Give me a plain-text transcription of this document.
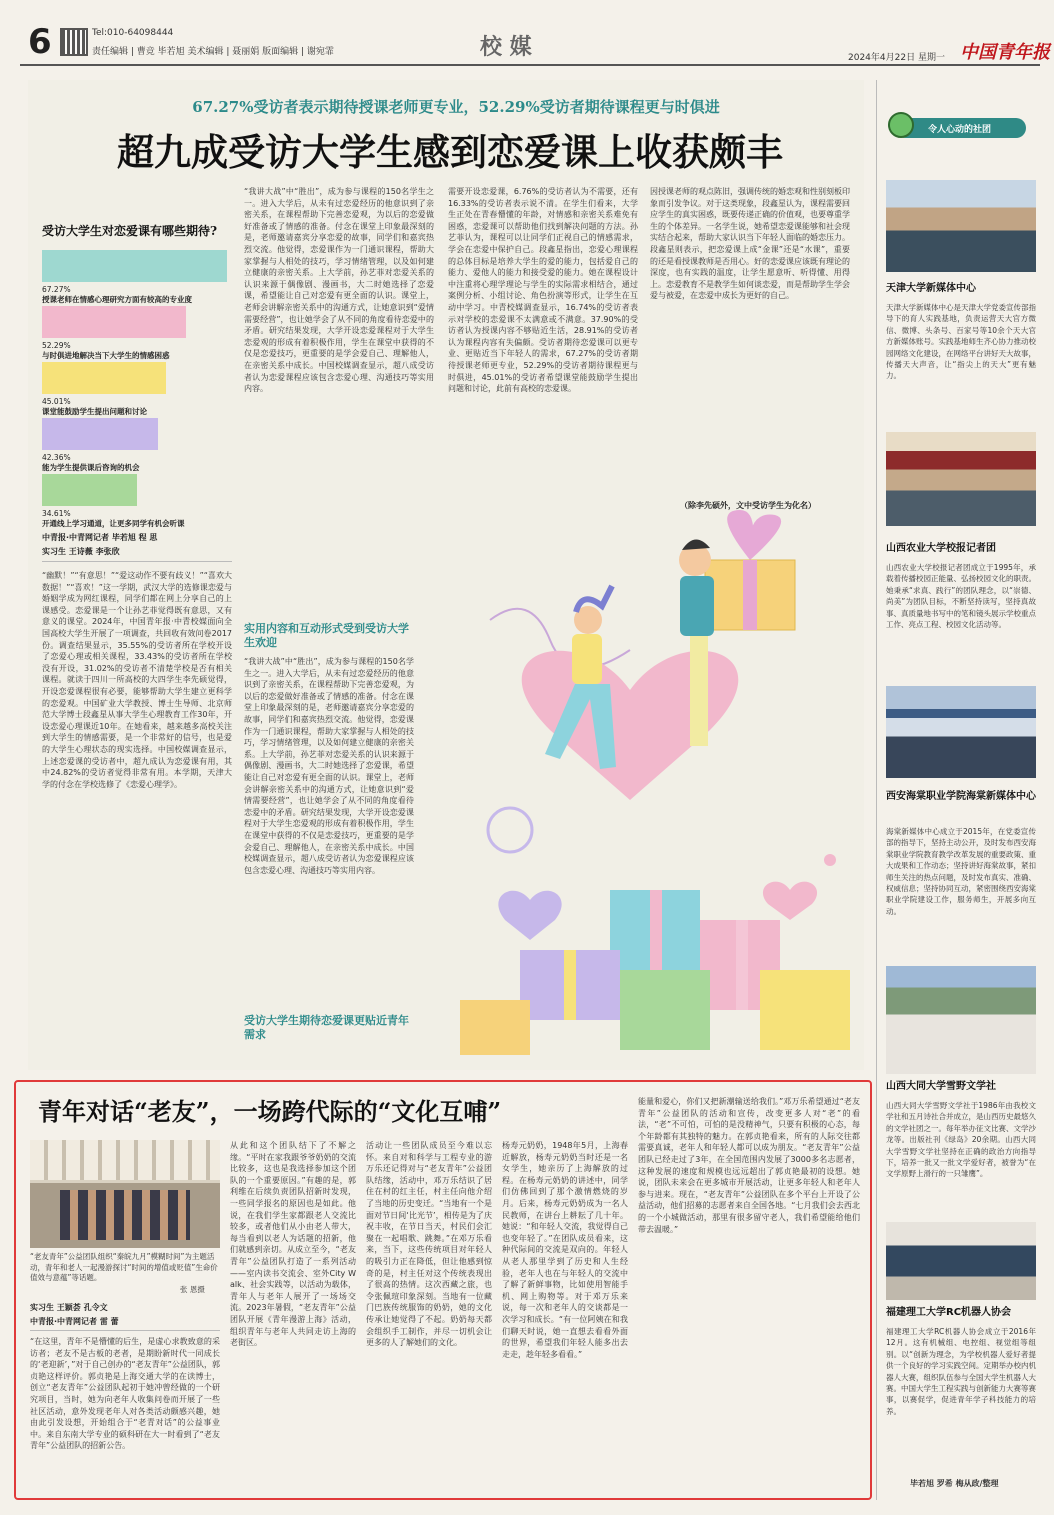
6	Tel:010-64098444
责任编辑 | 曹竞 毕若旭 美术编辑 | 聂丽娟 版面编辑 | 谢宛霏	校 媒	2024年4月22日 星期一 中国青年报
67.27%受访者表示期待授课老师更专业，52.29%受访者期待课程更与时俱进
超九成受访大学生感到恋爱课上收获颇丰
受访大学生对恋爱课有哪些期待?
67.27%
授课老师在情感心理研究方面有较高的专业度
52.29%
与时俱进地解决当下大学生的情感困惑
45.01%
课堂能鼓励学生提出问题和讨论
42.36%
能为学生提供课后咨询的机会
34.61%
开通线上学习通道，让更多同学有机会听课
中青报·中青网记者 毕若旭 程 思
实习生 王诗薇 李张欣
“幽默！”“有意思！”“爱这动作不要有歧义！”“喜欢大数据！”“喜欢！”这一学期，武汉大学的选修课恋爱与婚姻学成为网红课程，同学们都在网上分享自己的上课感受。恋爱课是一个让孙艺菲觉得既有意思，又有意义的课堂。2024年，中国青年报·中青校媒面向全国高校大学生开展了一项调查，共回收有效问卷2017份。调查结果显示，35.55%的受访者所在学校开设了恋爱心理或相关课程，33.43%的受访者所在学校没有开设，31.02%的受访者不清楚学校是否有相关课程。就读于四川一所高校的大四学生李先硕觉得，开设恋爱课程很有必要，能够帮助大学生建立更科学的恋爱观。中国矿业大学教授、博士生导师、北京师范大学博士段鑫星从事大学生心理教育工作30年，开设恋爱心理课近10年。在她看来，越来越多高校关注到大学生的情感需要，是一个非常好的信号，也是爱的大学生心理状态的现实选择。中国校媒调查显示，上述恋爱课的受访者中，超九成认为恋爱课有用，其中24.82%的受访者觉得非常有用。本学期，天津大学的付念在学校选修了《恋爱心理学》。
“我讲大战”中“胜出”，成为参与课程的150名学生之一。进入大学后，从未有过恋爱经历的他意识到了亲密关系，在课程帮助下完善恋爱观，为以后的恋爱做好准备或了情感的准备。付念在课堂上印象最深刻的是，老师邀请嘉宾分享恋爱的故事，同学们和嘉宾热烈交流。他觉得，恋爱课作为一门通识课程，帮助大家掌握与人相处的技巧，学习情绪管理，以及如何建立健康的亲密关系。上大学前，孙艺菲对恋爱关系的认识来源于偶像剧、漫画书，大二时她选择了恋爱课，希望能让自己对恋爱有更全面的认识。课堂上，老师会讲解亲密关系中的沟通方式，让她意识到“爱情需要经营”，也让她学会了从不同的角度看待恋爱中的矛盾。研究结果发现，大学开设恋爱课程对于大学生恋爱观的形成有着积极作用，学生在课堂中获得的不仅是恋爱技巧，更重要的是学会爱自己、理解他人，在亲密关系中成长。中国校媒调查显示，超八成受访者认为恋爱课程应该包含恋爱心理、沟通技巧等实用内容。
实用内容和互动形式受到受访大学生欢迎
“我讲大战”中“胜出”，成为参与课程的150名学生之一。进入大学后，从未有过恋爱经历的他意识到了亲密关系，在课程帮助下完善恋爱观，为以后的恋爱做好准备或了情感的准备。付念在课堂上印象最深刻的是，老师邀请嘉宾分享恋爱的故事，同学们和嘉宾热烈交流。他觉得，恋爱课作为一门通识课程，帮助大家掌握与人相处的技巧，学习情绪管理，以及如何建立健康的亲密关系。上大学前，孙艺菲对恋爱关系的认识来源于偶像剧、漫画书，大二时她选择了恋爱课，希望能让自己对恋爱有更全面的认识。课堂上，老师会讲解亲密关系中的沟通方式，让她意识到“爱情需要经营”，也让她学会了从不同的角度看待恋爱中的矛盾。研究结果发现，大学开设恋爱课程对于大学生恋爱观的形成有着积极作用，学生在课堂中获得的不仅是恋爱技巧，更重要的是学会爱自己、理解他人，在亲密关系中成长。中国校媒调查显示，超八成受访者认为恋爱课程应该包含恋爱心理、沟通技巧等实用内容。
受访大学生期待恋爱课更贴近青年需求
需要开设恋爱课，6.76%的受访者认为不需要，还有16.33%的受访者表示说不清。在学生们看来，大学生正处在青春懵懂的年龄，对情感和亲密关系难免有困惑，恋爱课可以帮助他们找到解决问题的方法。孙艺菲认为，课程可以让同学们正视自己的情感需求，学会在恋爱中保护自己。段鑫星指出，恋爱心理课程的总体目标是培养大学生的爱的能力，包括爱自己的能力、爱他人的能力和接受爱的能力。她在课程设计中注重将心理学理论与学生的实际需求相结合，通过案例分析、小组讨论、角色扮演等形式，让学生在互动中学习。中青校媒调查显示，16.74%的受访者表示对学校的恋爱课不太满意或不满意。37.90%的受访者认为授课内容不够贴近生活，28.91%的受访者认为课程内容有失偏颇。受访者期待恋爱课可以更专业、更贴近当下年轻人的需求，67.27%的受访者期待授课老师更专业，52.29%的受访者期待课程更与时俱进，45.01%的受访者希望课堂能鼓励学生提出问题和讨论，此前有高校的恋爱课。
因授课老师的观点陈旧，强调传统的婚恋观和性别刻板印象而引发争议。对于这类现象，段鑫星认为，课程需要回应学生的真实困惑，既要传递正确的价值观，也要尊重学生的个体差异。一名学生说，她希望恋爱课能够和社会现实结合起来，帮助大家认识当下年轻人面临的婚恋压力。段鑫星则表示，把恋爱课上成“金课”还是“水课”，重要的还是看授课教师是否用心。好的恋爱课应该既有理论的深度，也有实践的温度，让学生愿意听、听得懂、用得上。恋爱教育不是教学生如何谈恋爱，而是帮助学生学会爱与被爱，在恋爱中成长为更好的自己。
（除李先硕外，文中受访学生为化名）
青年对话“老友”，一场跨代际的“文化互哺”
“老友青年”公益团队组织“秦皖九月”模糊时间”为主题活动，青年和老人一起漫游探讨“时间的增值或贬值”生命价值效与意蕴”等话题。
张 恩摄
实习生 王颖荟 孔令文
中青报·中青网记者 雷 蕾
“在这里，青年不是懵懂的后生，是虚心求教致意的采访者；老友不是古板的老者，是期盼新时代一同成长的‘老迎新’，”对于自己创办的“老友青年”公益团队，郭贞艳这样评价。郭贞艳是上海交通大学的在读博士，创立“老友青年”公益团队起初于她冲曾经做的一个研究项目，当时，她为向老年人收集问卷而开展了一些社区活动，意外发现老年人对各类活动颇感兴趣，她由此引发设想，开始组合于“老青对话”的公益事业中。来自东南大学专业的硕科研在大一时看到了“老友青年”公益团队的招新公告。
从此和这个团队结下了不解之缘。“平时在家我跟爷爷奶奶的交流比较多，这也是我选择参加这个团队的一个重要原因。”有趣的是，郭利维在后续负责团队招新时发现，一些同学报名的原因也是如此。他说，在我们学生家都跟老人交流比较多，或者他们从小由老人带大，每当看到以老人为话题的招新，他们就感到亲切。从成立至今，“老友青年”公益团队打造了一系列活动——室内读书交流会、室外City Walk、社会实践等，以活动为载体，青年人与老年人展开了一场场交流。2023年暑假，“老友青年”公益团队开展《青年漫游上海》活动，组织青年与老年人共同走访上海的老街区。
活动让一些团队成员至今难以忘怀。来自对和科学与工程专业的游万乐还记得对与“老友青年”公益团队结缘，活动中，邓万乐结识了居住在村的红主任，村主任向他介绍了当地的历史变迁。“当地有一个是面对节日间‘比光节’，相传是为了庆祝丰收，在节日当天，村民们会汇聚在一起唱歌、跳舞。”在邓万乐看来，当下，这些传统项目对年轻人的吸引力正在降低，但让他感到惊奇的是，村主任对这个传统表现出了很高的热情。这次西藏之旅，也令张佩瑄印象深刻。当地有一位藏门巴族传统服饰的奶奶，她的文化传承让她觉得了不起。奶奶每天都会组织手工制作，并尽一切机会让更多的人了解她们的文化。
杨寿元奶奶，1948年5月，上海春近解放，杨寿元奶奶当时还是一名女学生，她亲历了上海解放的过程。在杨寿元奶奶的讲述中，同学们仿佛回到了那个激情燃烧的岁月。后来，杨寿元奶奶成为一名人民教师，在讲台上耕耘了几十年。她说：“和年轻人交流，我觉得自己也变年轻了。”在团队成员看来，这种代际间的交流是双向的。年轻人从老人那里学到了历史和人生经验，老年人也在与年轻人的交流中了解了新鲜事物，比如使用智能手机、网上购物等。对于邓万乐来说，每一次和老年人的交谈都是一次学习和成长。“有一位阿姨在和我们聊天时说，她一直想去看看外面的世界，希望我们年轻人能多出去走走，趁年轻多看看。”
能量和爱心，你们又把新潮输送给我们。”邓万乐希望通过“老友青年”公益团队的活动和宣传，改变更多人对“老”的看法，“老”不可怕，可怕的是没精神气，只要有积极的心态，每个年龄都有其独特的魅力。在郭贞艳看来，所有的人际交往都需要真诚，老年人和年轻人都可以成为朋友。“老友青年”公益团队已经走过了3年，在全国范围内发展了3000多名志愿者，这种发展的速度和规模也远远超出了郭贞艳最初的设想。她说，团队未来会在更多城市开展活动，让更多年轻人和老年人参与进来。现在，“老友青年”公益团队在多个平台上开设了公益活动，他们招募的志愿者来自全国各地。“七月我们会去西北的一个小城做活动，那里有很多留守老人，我们希望能给他们带去温暖。”
令人心动的社团
天津大学新媒体中心
天津大学新媒体中心是天津大学党委宣传部指导下的育人实践基地，负责运营天大官方微信、微博、头条号、百家号等10余个天大官方新媒体账号。实践基地师生齐心协力推动校园网络文化建设，在网络平台讲好天大故事，传播天大声音，让“指尖上的天大”更有魅力。
山西农业大学校报记者团
山西农业大学校报记者团成立于1995年，承载着传播校园正能量、弘扬校园文化的职责。她秉承“求真、践行”的团队理念，以“崇德、尚美”为团队目标，不断坚持读写，坚持真故事、真质量地书写中的笔和镜头展示学校重点工作、亮点工程、校园文化活动等。
西安海棠职业学院海棠新媒体中心
海棠新媒体中心成立于2015年，在党委宣传部的指导下，坚持主动公开，及时发布西安海棠职业学院教育教学改革发展的重要政策、重大成果和工作动态；坚持讲好海棠故事，紧扣师生关注的热点问题，及时发布真实、准确、权威信息；坚持协同互动，紧密围绕西安海棠职业学院建设工作，服务师生，开展多向互动。
山西大同大学雪野文学社
山西大同大学雪野文学社于1986年由我校文学社和五月诗社合并成立，是山西历史最悠久的文学社团之一。每年举办征文比赛、文学沙龙等。出版社刊《绿岛》20余期。山西大同大学雪野文学社坚持在正确的政治方向指导下，培养一批又一批文学爱好者，被誉为“在文学原野上滑行的一只雏鹰”。
福建理工大学RC机器人协会
福建理工大学RC机器人协会成立于2016年12月。这有机械组、电控组、视觉组等组别。以“创新为理念，为学校机器人爱好者提供一个良好的学习实践空间。定期举办校内机器人大赛，组织队伍参与全国大学生机器人大赛。中国大学生工程实践与创新能力大赛等赛事，以赛促学，促进青年学子科技能力的培养。
毕若旭 罗希 梅从政/整理
